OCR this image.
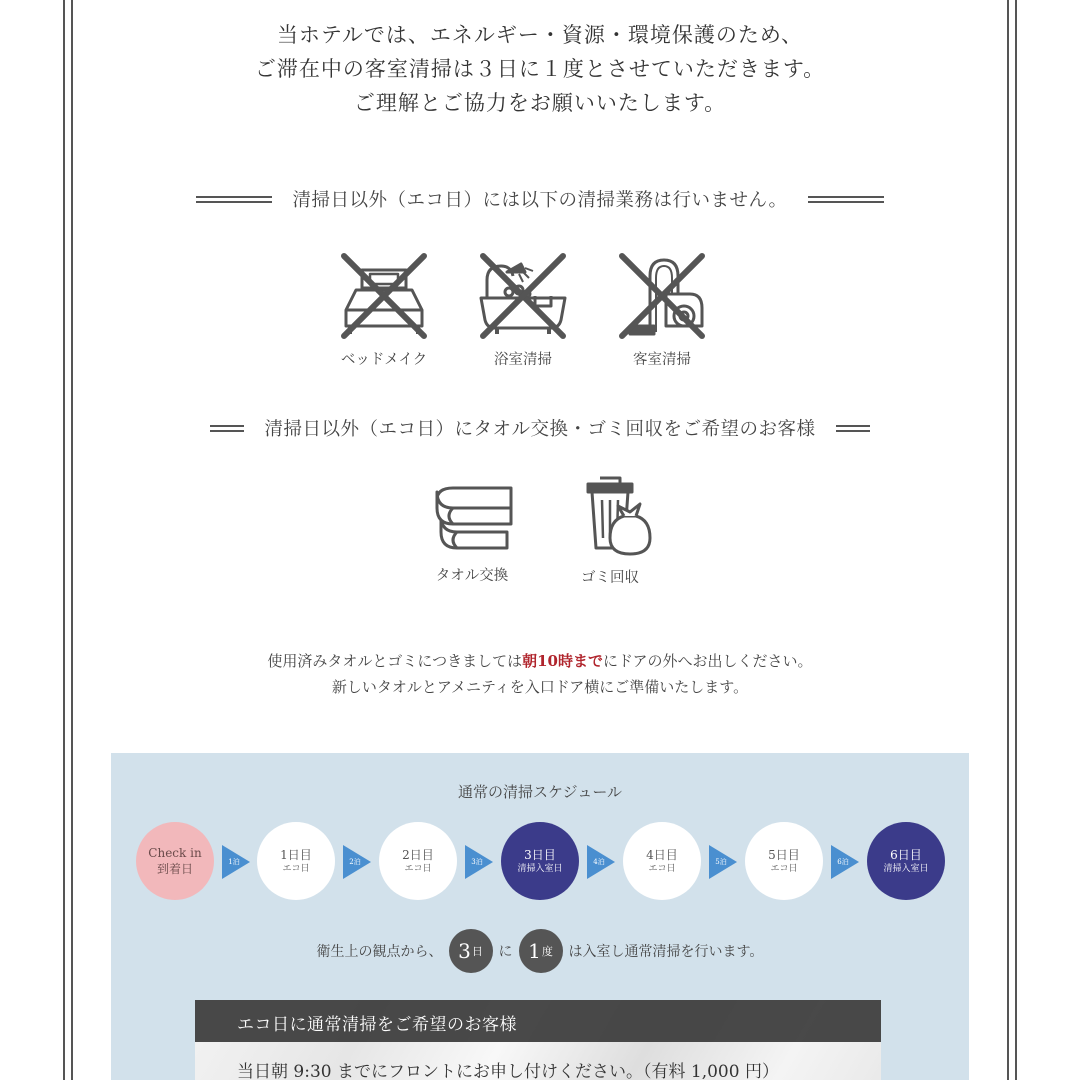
当ホテルでは、エネルギー・資源・環境保護のため、
ご滞在中の客室清掃は３日に１度とさせていただきます。
ご理解とご協力をお願いいたします。
清掃日以外（エコ日）には以下の清掃業務は行いません。
ベッドメイク	浴室清掃	客室清掃
清掃日以外（エコ日）にタオル交換・ゴミ回収をご希望のお客様
タオル交換	ゴミ回収
使用済みタオルとゴミにつきましては朝10時までにドアの外へお出しください。
新しいタオルとアメニティを入口ドア横にご準備いたします。
通常の清掃スケジュール
Check in
到着日	1泊
1日目
エコ日
2泊
2日目
エコ日
3泊
3日目
清掃入室日
4泊
4日目
エコ日
5泊
5日目
エコ日
6泊
6日目
清掃入室日
衛生上の観点から、 3 日 に 1 度 は入室し通常清掃を行います。
エコ日に通常清掃をご希望のお客様
当日朝 9:30 までにフロントにお申し付けください。（有料 1,000 円）
